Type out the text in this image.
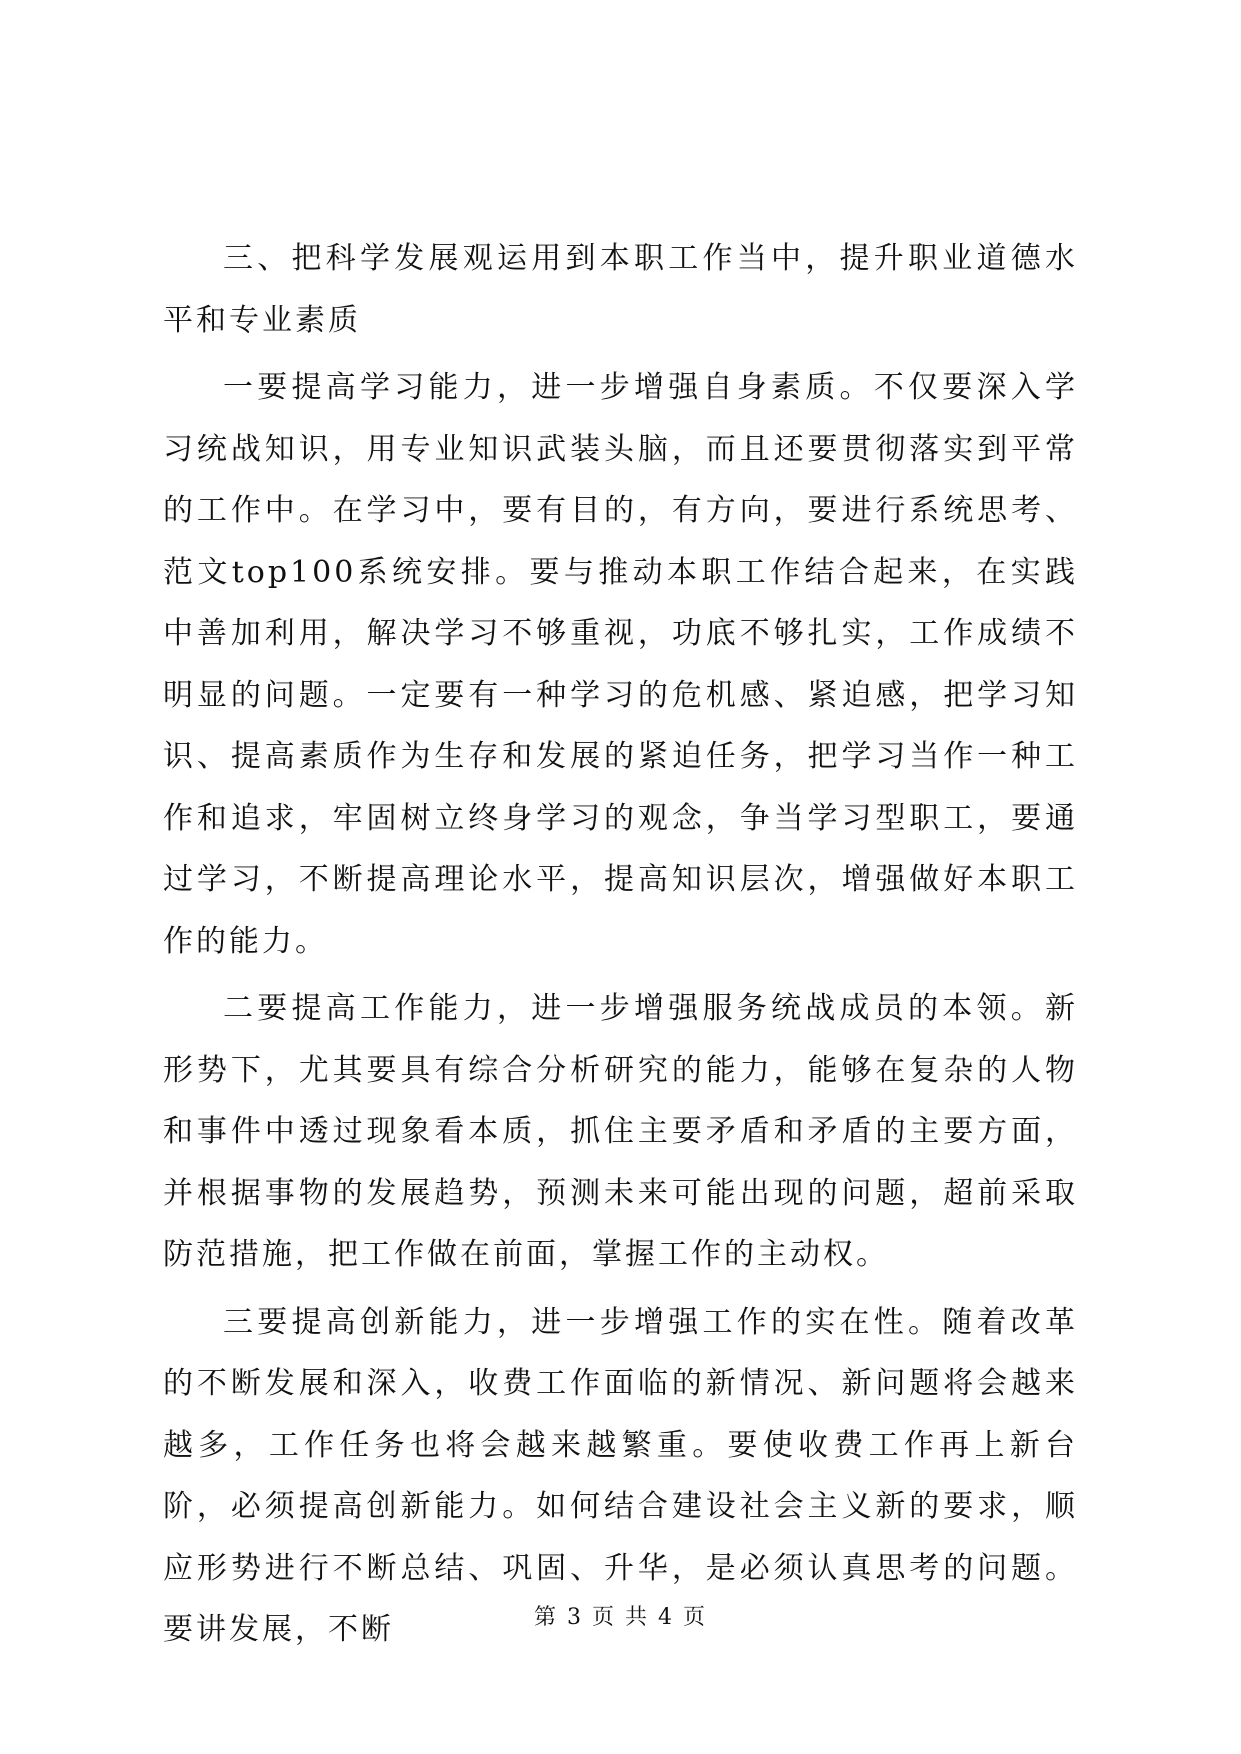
三、把科学发展观运用到本职工作当中，提升职业道德水平和专业素质

一要提高学习能力，进一步增强自身素质。不仅要深入学习统战知识，用专业知识武装头脑，而且还要贯彻落实到平常的工作中。在学习中，要有目的，有方向，要进行系统思考、范文top100系统安排。要与推动本职工作结合起来，在实践中善加利用，解决学习不够重视，功底不够扎实，工作成绩不明显的问题。一定要有一种学习的危机感、紧迫感，把学习知识、提高素质作为生存和发展的紧迫任务，把学习当作一种工作和追求，牢固树立终身学习的观念，争当学习型职工，要通过学习，不断提高理论水平，提高知识层次，增强做好本职工作的能力。

二要提高工作能力，进一步增强服务统战成员的本领。新形势下，尤其要具有综合分析研究的能力，能够在复杂的人物和事件中透过现象看本质，抓住主要矛盾和矛盾的主要方面，并根据事物的发展趋势，预测未来可能出现的问题，超前采取防范措施，把工作做在前面，掌握工作的主动权。

三要提高创新能力，进一步增强工作的实在性。随着改革的不断发展和深入，收费工作面临的新情况、新问题将会越来越多，工作任务也将会越来越繁重。要使收费工作再上新台阶，必须提高创新能力。如何结合建设社会主义新的要求，顺应形势进行不断总结、巩固、升华，是必须认真思考的问题。要讲发展，不断	第 3 页 共 4 页
